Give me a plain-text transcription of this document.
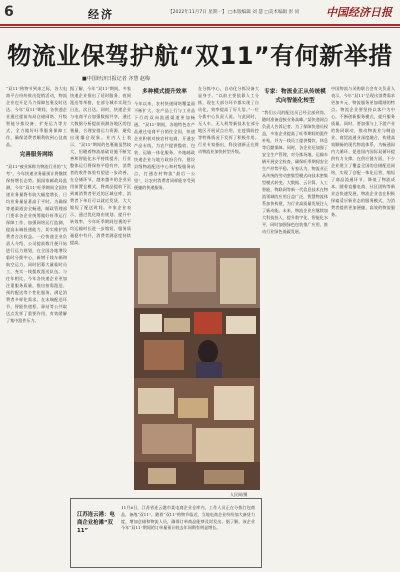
6	经济	【2022年11月7日 星期一】 □本版编辑 刘 慧 □美术编辑 彭 同 中国经济日报
物流业保驾护航“双11”有何新举措
■中国经济日报记者 齐慧 赵梅

“双11”购物节到来之际，各大电商平台纷纷推出促销活动，物流企业也开足马力保障包裹及时送达。今年“双11”期间，各快递企业通过提前布局仓储网络、升级智能分拣设备、扩充运力等方式，全力做好旺季服务保障工作，确保消费者顺利收到心仪商品。

完善服务网络

“双11”被业界称为物流行业的“大考”，今年快递业务量预计将继续保持增长态势。据国家邮政局监测，今年“双11”旺季期间全国快递业务量将有较大幅度增长，日均业务量显著高于平时。为确保寄递渠道安全畅通，邮政管理部门要求各企业统筹做好旺季运行保障工作，加强网络运行监测，提高末端投递能力，切实维护消费者合法权益。一位快递企业负责人介绍，公司提前数月便开始进行运力规划，在全国各地增设临时分拨中心，新增干线车辆和航空运力，同时招募大量临时员工，充实一线揽收派送队伍。与往年相比，今年各快递企业更加注重服务质量，推出按需派送、预约配送等个性化服务，满足消费者多样化需求。在末端配送环节，智能快递柜、驿站等公共取送点发挥了重要作用，有效缓解了集中派件压力。

据了解，今年“双11”期间，多家快递企业推出了延时服务、夜间派送等举措，在部分城市实现当日达、次日达。同时，快递企业与电商平台加强数据共享，通过大数据分析提前预测各地区的包裹量，合理安排运力资源，避免出现爆仓现象。业内人士表示，“双11”期间的包裹量虽然较大，但随着物流基础设施不断完善和智能化水平持续提升，行业整体运行将保持平稳有序，消费者的收件体验有望进一步改善。在仓储环节，越来越多的企业采用前置仓模式，将商品提前下沉到离消费者更近的区域仓库，消费者下单后可以就近发货，大大缩短了配送时间。多家企业表示，通过优化路由规划、提升中转效率，今年旺季期间包裹的平均运输时长进一步缩短，服务质量稳中有升，消费者满意度持续提高。

多种模式提升效率

今年以来，农村快递网络覆盖面不断扩大，农产品上行与工业品下行的双向流通渠道更加畅通。“双11”期间，各地特色农产品通过电商平台销往全国，快递企业积极对接农村电商，开通农产品专线，为农户提供揽收、包装、运输一体化服务。多地邮政快递企业与地方政府合作，建设县级物流配送中心和村级服务站点，打通农村物流“最后一公里”，让农村消费者同样能享受到便捷的快递服务。

在分拣中心，自动化分拣设备大显身手。“以前主要依靠人工分拣，现在大部分环节都实现了自动化，效率提高了好几倍。”一位分拨中心负责人说。与此同时，无人车、无人机等新技术在部分地区开展试点应用，在疫情防控等特殊情况下发挥了积极作用。行业专家指出，科技创新正在推动物流业加快转型升级。

专家：物流业正从传统模式向智能化转型

“我们公司的配送员已经全部到岗，随时准备迎接业务高峰。”某快递网点负责人告诉记者。为了保障快递员权益，多家企业提高了旺季期间的派件补贴，并为一线员工提供餐饮、休息等后勤保障。同时，各企业还加强了安全生产管理，对分拣场地、运输车辆开展安全检查，确保旺季期间安全生产形势平稳。专家认为，物流业正从传统的劳动密集型模式向技术密集型模式转变。大数据、云计算、人工智能、物联网等新一代信息技术在物流领域的应用日益广泛，智慧物流体系加快构建，为行业高质量发展注入了新动能。未来，物流企业应继续加大科技投入，提升数字化、智能化水平，同时加强绿色包装推广应用，推动行业绿色低碳发展。

中国物流与采购联合会有关负责人表示，今年“双11”呈现出消费需求更加多元、物流服务更加精细的特点。物流企业要坚持以客户为中心，不断创新服务模式，提升服务质量。同时，要加强与上下游产业的协同联动，推动物流业与制造业、商贸流通业深度融合，构建高效顺畅的现代物流体系，为畅通国内大循环、促进国内国际双循环提供有力支撑。在供应链方面，不少企业建立了覆盖全国的仓储配送网络，实现了仓配一体化运营，缩短了商品流通环节，降低了物流成本。随着直播电商、社区团购等新业态快速发展，物流企业也在积极探索适应新业态的服务模式，为消费者提供更加便捷、高效的物流服务。

人民网/摄
江苏连云港：电商企业抢滩“双11”
11月6日，江苏省连云港市某电商企业仓库内，工作人员正在分拣打包商品，备战“双11”。随着“双11”购物节临近，当地电商企业纷纷加大备货力度，增加仓储和物流人员，确保订单商品能够及时发出。据了解，该企业今年“双11”期间的订单量预计较去年同期有明显增长。
